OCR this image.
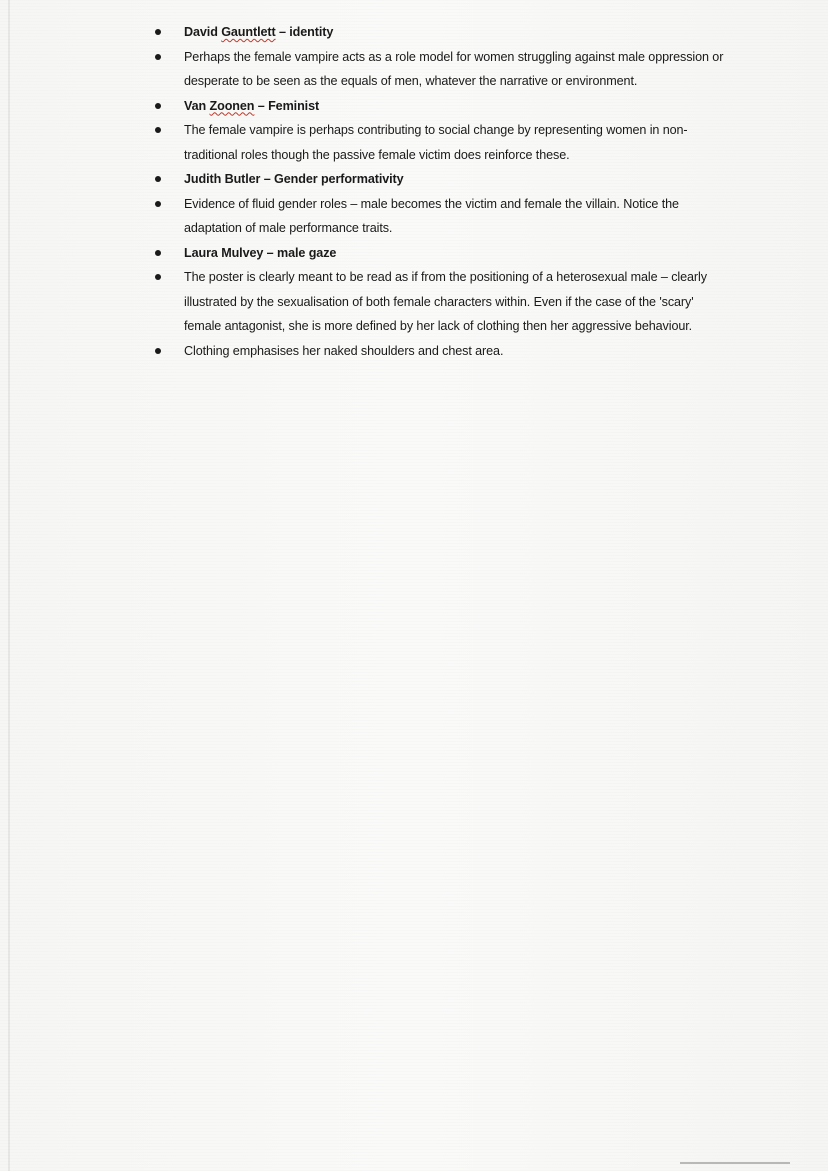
David Gauntlett – identity
Perhaps the female vampire acts as a role model for women struggling against male oppression or desperate to be seen as the equals of men, whatever the narrative or environment.
Van Zoonen – Feminist
The female vampire is perhaps contributing to social change by representing women in non-traditional roles though the passive female victim does reinforce these.
Judith Butler – Gender performativity
Evidence of fluid gender roles – male becomes the victim and female the villain. Notice the adaptation of male performance traits.
Laura Mulvey – male gaze
The poster is clearly meant to be read as if from the positioning of a heterosexual male – clearly illustrated by the sexualisation of both female characters within. Even if the case of the 'scary' female antagonist, she is more defined by her lack of clothing then her aggressive behaviour.
Clothing emphasises her naked shoulders and chest area.
